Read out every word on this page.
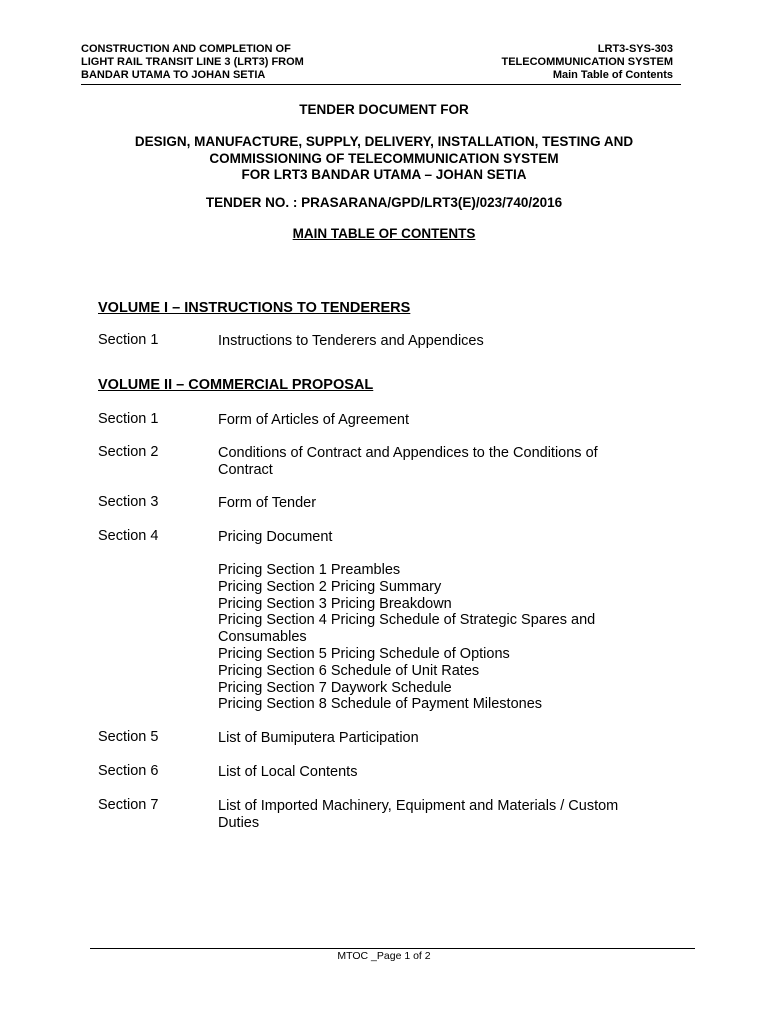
CONSTRUCTION AND COMPLETION OF
LIGHT RAIL TRANSIT LINE 3 (LRT3) FROM
BANDAR UTAMA TO JOHAN SETIA
LRT3-SYS-303
TELECOMMUNICATION SYSTEM
Main Table of Contents
TENDER DOCUMENT FOR
DESIGN, MANUFACTURE, SUPPLY, DELIVERY, INSTALLATION, TESTING AND
COMMISSIONING OF TELECOMMUNICATION SYSTEM
FOR LRT3 BANDAR UTAMA – JOHAN SETIA
TENDER NO. : PRASARANA/GPD/LRT3(E)/023/740/2016
MAIN TABLE OF CONTENTS
VOLUME I – INSTRUCTIONS TO TENDERERS
Section 1	Instructions to Tenderers and Appendices
VOLUME II – COMMERCIAL PROPOSAL
Section 1	Form of Articles of Agreement
Section 2	Conditions of Contract and Appendices to the Conditions of
Contract
Section 3	Form of Tender
Section 4	Pricing Document
Pricing Section 1 Preambles
Pricing Section 2 Pricing Summary
Pricing Section 3 Pricing Breakdown
Pricing Section 4 Pricing Schedule of Strategic Spares and
Consumables
Pricing Section 5 Pricing Schedule of Options
Pricing Section 6 Schedule of Unit Rates
Pricing Section 7 Daywork Schedule
Pricing Section 8 Schedule of Payment Milestones
Section 5	List of Bumiputera Participation
Section 6	List of Local Contents
Section 7	List of Imported Machinery, Equipment and Materials / Custom
Duties
MTOC _Page 1 of 2
